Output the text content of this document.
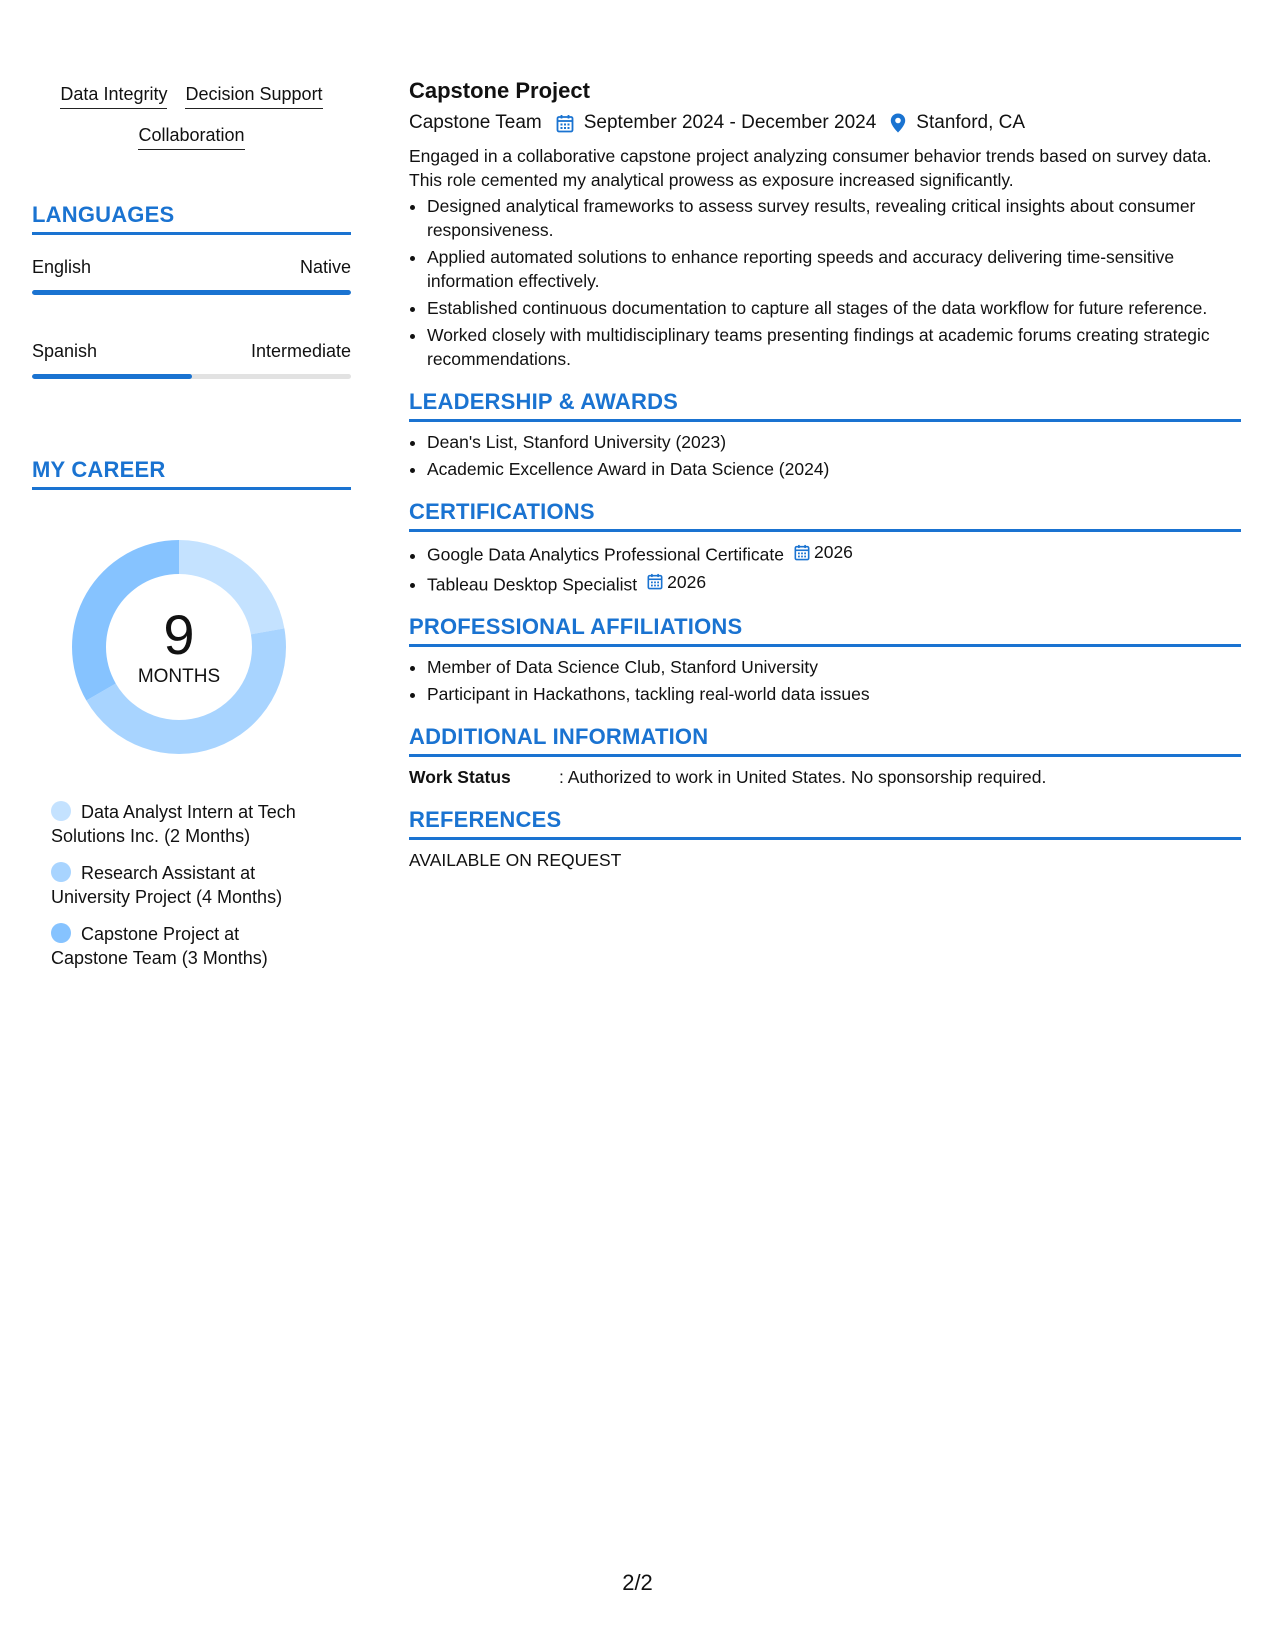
Data Integrity Decision Support
Collaboration
LANGUAGES
English	Native
Spanish	Intermediate
MY CAREER
9
MONTHS
Data Analyst Intern at Tech Solutions Inc. (2 Months)
Research Assistant at University Project (4 Months)
Capstone Project at Capstone Team (3 Months)
Capstone Project
Capstone Team September 2024 - December 2024 Stanford, CA
Engaged in a collaborative capstone project analyzing consumer behavior trends based on survey data. This role cemented my analytical prowess as exposure increased significantly.
• Designed analytical frameworks to assess survey results, revealing critical insights about consumer responsiveness.
• Applied automated solutions to enhance reporting speeds and accuracy delivering time-sensitive information effectively.
• Established continuous documentation to capture all stages of the data workflow for future reference.
• Worked closely with multidisciplinary teams presenting findings at academic forums creating strategic recommendations.
LEADERSHIP & AWARDS
• Dean's List, Stanford University (2023)
• Academic Excellence Award in Data Science (2024)
CERTIFICATIONS
• Google Data Analytics Professional Certificate 2026
• Tableau Desktop Specialist 2026
PROFESSIONAL AFFILIATIONS
• Member of Data Science Club, Stanford University
• Participant in Hackathons, tackling real-world data issues
ADDITIONAL INFORMATION
Work Status	: Authorized to work in United States. No sponsorship required.
REFERENCES
AVAILABLE ON REQUEST
2/2
